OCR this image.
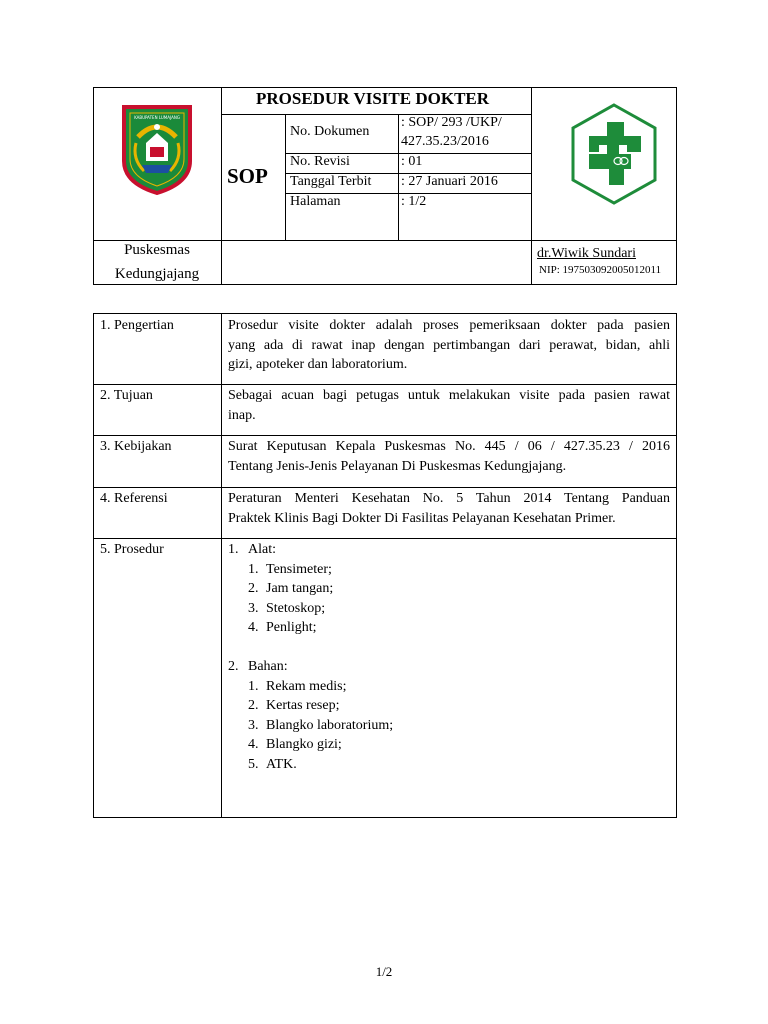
KABUPATEN LUMAJANG
PROSEDUR VISITE DOKTER
SOP
No. Dokumen
: SOP/ 293 /UKP/
427.35.23/2016
No. Revisi	: 01
Tanggal Terbit : 27 Januari 2016
Halaman	: 1/2
Puskesmas
Kedungjajang
dr.Wiwik Sundari
NIP: 197503092005012011
1. Pengertian	Prosedur visite dokter adalah proses pemeriksaan dokter pada pasien
yang ada di rawat inap dengan pertimbangan dari perawat, bidan, ahli
gizi, apoteker dan laboratorium.
2. Tujuan	Sebagai acuan bagi petugas untuk melakukan visite pada pasien rawat
inap.
3. Kebijakan	Surat Keputusan Kepala Puskesmas No. 445 / 06 / 427.35.23 / 2016
Tentang Jenis-Jenis Pelayanan Di Puskesmas Kedungjajang.
4. Referensi	Peraturan Menteri Kesehatan No. 5 Tahun 2014 Tentang Panduan
Praktek Klinis Bagi Dokter Di Fasilitas Pelayanan Kesehatan Primer.
5. Prosedur	1. Alat:
1. Tensimeter;
2. Jam tangan;
3. Stetoskop;
4. Penlight;
2. Bahan:
1. Rekam medis;
2. Kertas resep;
3. Blangko laboratorium;
4. Blangko gizi;
5. ATK.
1/2
